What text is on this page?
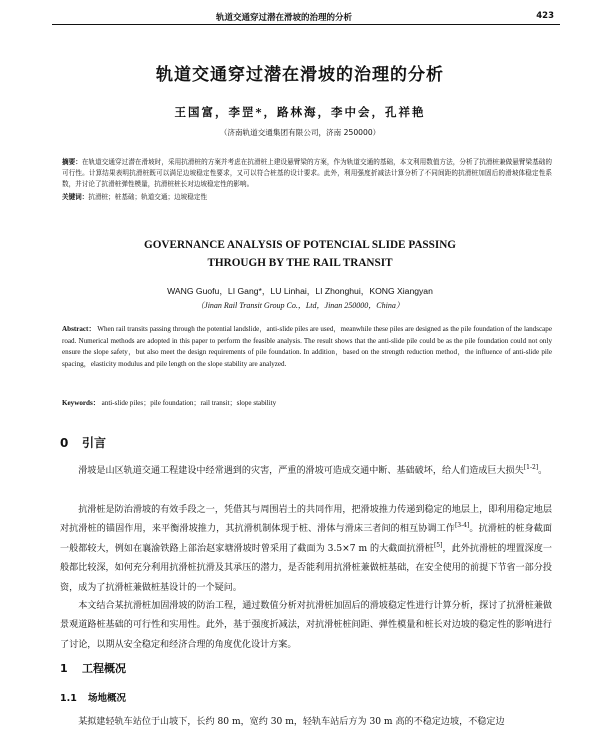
轨道交通穿过潜在滑坡的治理的分析	423
轨道交通穿过潜在滑坡的治理的分析
王国富，李罡*，路林海，李中会，孔祥艳
（济南轨道交通集团有限公司，济南 250000）
摘要：在轨道交通穿过潜在滑坡时，采用抗滑桩的方案并考虑在抗滑桩上建设悬臂梁的方案，作为轨道交通的基础，本文利用数值方法，分析了抗滑桩兼做悬臂梁基础的可行性。计算结果表明抗滑桩既可以满足边坡稳定性要求，又可以符合桩基的设计要求。此外，利用强度折减法计算分析了不同间距的抗滑桩加固后的滑坡体稳定性系数，并讨论了抗滑桩弹性模量，抗滑桩桩长对边坡稳定性的影响。
关键词：抗滑桩；桩基础；轨道交通；边坡稳定性
GOVERNANCE ANALYSIS OF POTENCIAL SLIDE PASSING
THROUGH BY THE RAIL TRANSIT
WANG Guofu，LI Gang*，LU Linhai，LI Zhonghui，KONG Xiangyan
（Jinan Rail Transit Group Co.，Ltd，Jinan 250000，China）
Abstract： When rail transits passing through the potential landslide，anti-slide piles are used，meanwhile these piles are designed as the pile foundation of the landscape road. Numerical methods are adopted in this paper to perform the feasible analysis. The result shows that the anti-slide pile could be as the pile foundation could not only ensure the slope safety，but also meet the design requirements of pile foundation. In addition，based on the strength reduction method，the influence of anti-slide pile spacing，elasticity modulus and pile length on the slope stability are analyzed.
Keywords： anti-slide piles；pile foundation；rail transit；slope stability
0 引言
滑坡是山区轨道交通工程建设中经常遇到的灾害，严重的滑坡可造成交通中断、基础破坏，给人们造成巨大损失[1-2]。
抗滑桩是防治滑坡的有效手段之一，凭借其与周围岩土的共同作用，把滑坡推力传递到稳定的地层上，即利用稳定地层对抗滑桩的锚固作用，来平衡滑坡推力，其抗滑机制体现于桩、滑体与滑床三者间的相互协调工作[3-4]。抗滑桩的桩身截面一般都较大，例如在襄渝铁路上部治赵家塘滑坡时曾采用了截面为 3.5×7 m 的大截面抗滑桩[5]，此外抗滑桩的埋置深度一般都比较深，如何充分利用抗滑桩抗滑及其承压的潜力，是否能利用抗滑桩兼做桩基础，在安全使用的前提下节省一部分投资，成为了抗滑桩兼做桩基设计的一个疑问。
本文结合某抗滑桩加固滑坡的防治工程，通过数值分析对抗滑桩加固后的滑坡稳定性进行计算分析，探讨了抗滑桩兼做景观道路桩基础的可行性和实用性。此外，基于强度折减法，对抗滑桩桩间距、弹性模量和桩长对边坡的稳定性的影响进行了讨论，以期从安全稳定和经济合理的角度优化设计方案。
1 工程概况
1.1 场地概况
某拟建轻轨车站位于山坡下，长约 80 m，宽约 30 m，轻轨车站后方为 30 m 高的不稳定边坡，不稳定边
